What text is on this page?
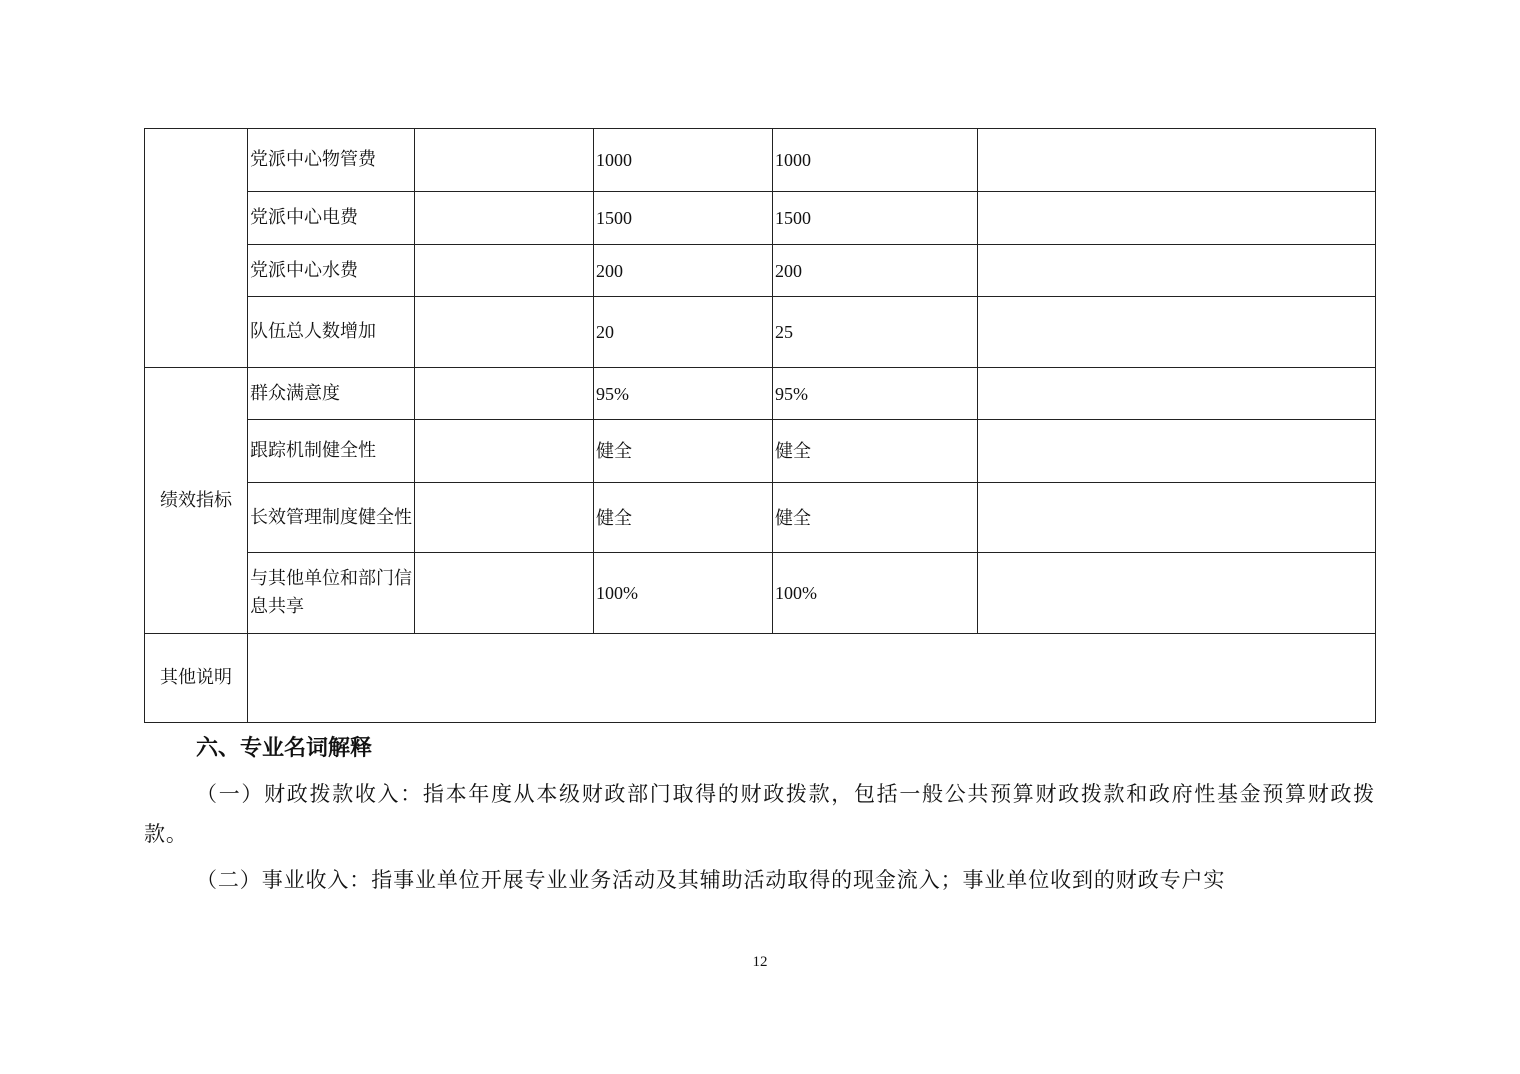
	党派中心物管费		1000	1000	
	党派中心电费		1500	1500	
	党派中心水费		200	200	
	队伍总人数增加		20	25	
绩效指标	群众满意度		95%	95%	
	跟踪机制健全性		健全	健全	
	长效管理制度健全性		健全	健全	
	与其他单位和部门信息共享		100%	100%	
其他说明					
六、专业名词解释

（一）财政拨款收入：指本年度从本级财政部门取得的财政拨款，包括一般公共预算财政拨款和政府性基金预算财政拨款。

（二）事业收入：指事业单位开展专业业务活动及其辅助活动取得的现金流入；事业单位收到的财政专户实

12
